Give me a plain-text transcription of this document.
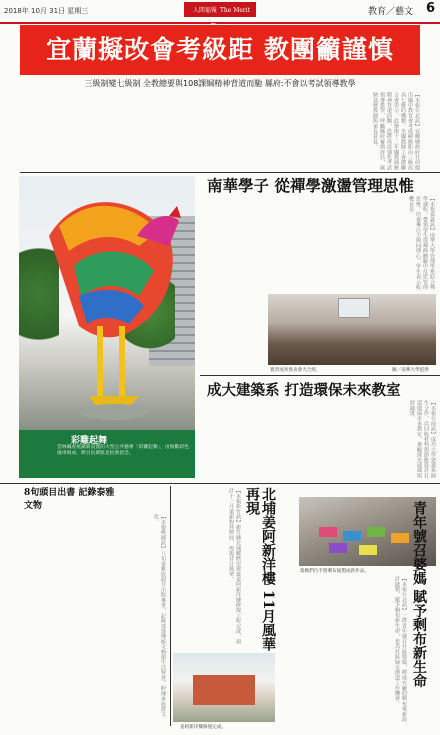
2018年 10月 31日 星期三	人間福報 The Merit	教育／藝文 6
宜蘭擬改會考級距 教團籲謹慎
三級制變七級制 全教總要與108課綱精神背道而馳 縣府:不會以考試領導教學
【本報台北訊】宜蘭縣政府日前提出國中教育會考成績級距由三級改為七級的構想，全國教師工會總聯合會表示，此舉與十二年國教減壓精神背道而馳，恐將再度強化考試領導教學，呼籲縣府審慎評估，廣納基層教師與家長意見。
彩雞起舞
雲林縣虎尾鎮新設置的大型公共藝術「彩雞起舞」，由無數彩色風車組成，吸引民眾駐足拍照留念。
南華學子 從禪學激盪管理思惟
【本報嘉義訊】南華大學管理學系結合禪學課程，帶領學生從禪修體驗中反思管理思惟，培養專注力與同理心，學生表示收穫良多。
實習成果發表會大合照。	圖／南華大學提供
成大建築系 打造環保未來教室
【本報台南訊】成功大學建築系師生合作，以回收材料與節能設計打造環保未來教室，兼顧採光通風與舒適度。
8旬頭目出書 記錄泰雅文物
【本報桃園訊】八旬泰雅族頭目出版專書，記錄部落傳統文物與生活智慧，盼傳承族群文化。	北埔姜阿新洋樓 11月風華再現
【本報新竹訊】新竹縣北埔鄉歷史建築姜阿新洋樓修復工程完成，預計十一月重新對外開放，再現昔日風華。
姜阿新洋樓修復完成。
婆媽們巧手將剩布縫製成新作品。	青年號召婆媽 賦予剩布新生命
【本報台北訊】一群青年號召社區婆媽，將成衣廠的剩布重新設計縫製，賦予剩布新生命，也為社區婦女創造工作機會。
